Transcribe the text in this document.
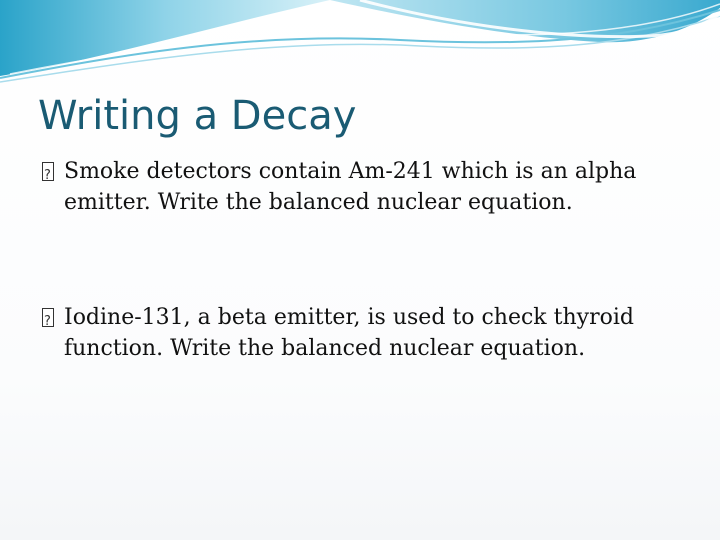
Writing a Decay
?
Smoke detectors contain Am-241 which is an alpha emitter. Write the balanced nuclear equation.
?
Iodine-131, a beta emitter, is used to check thyroid function. Write the balanced nuclear equation.
